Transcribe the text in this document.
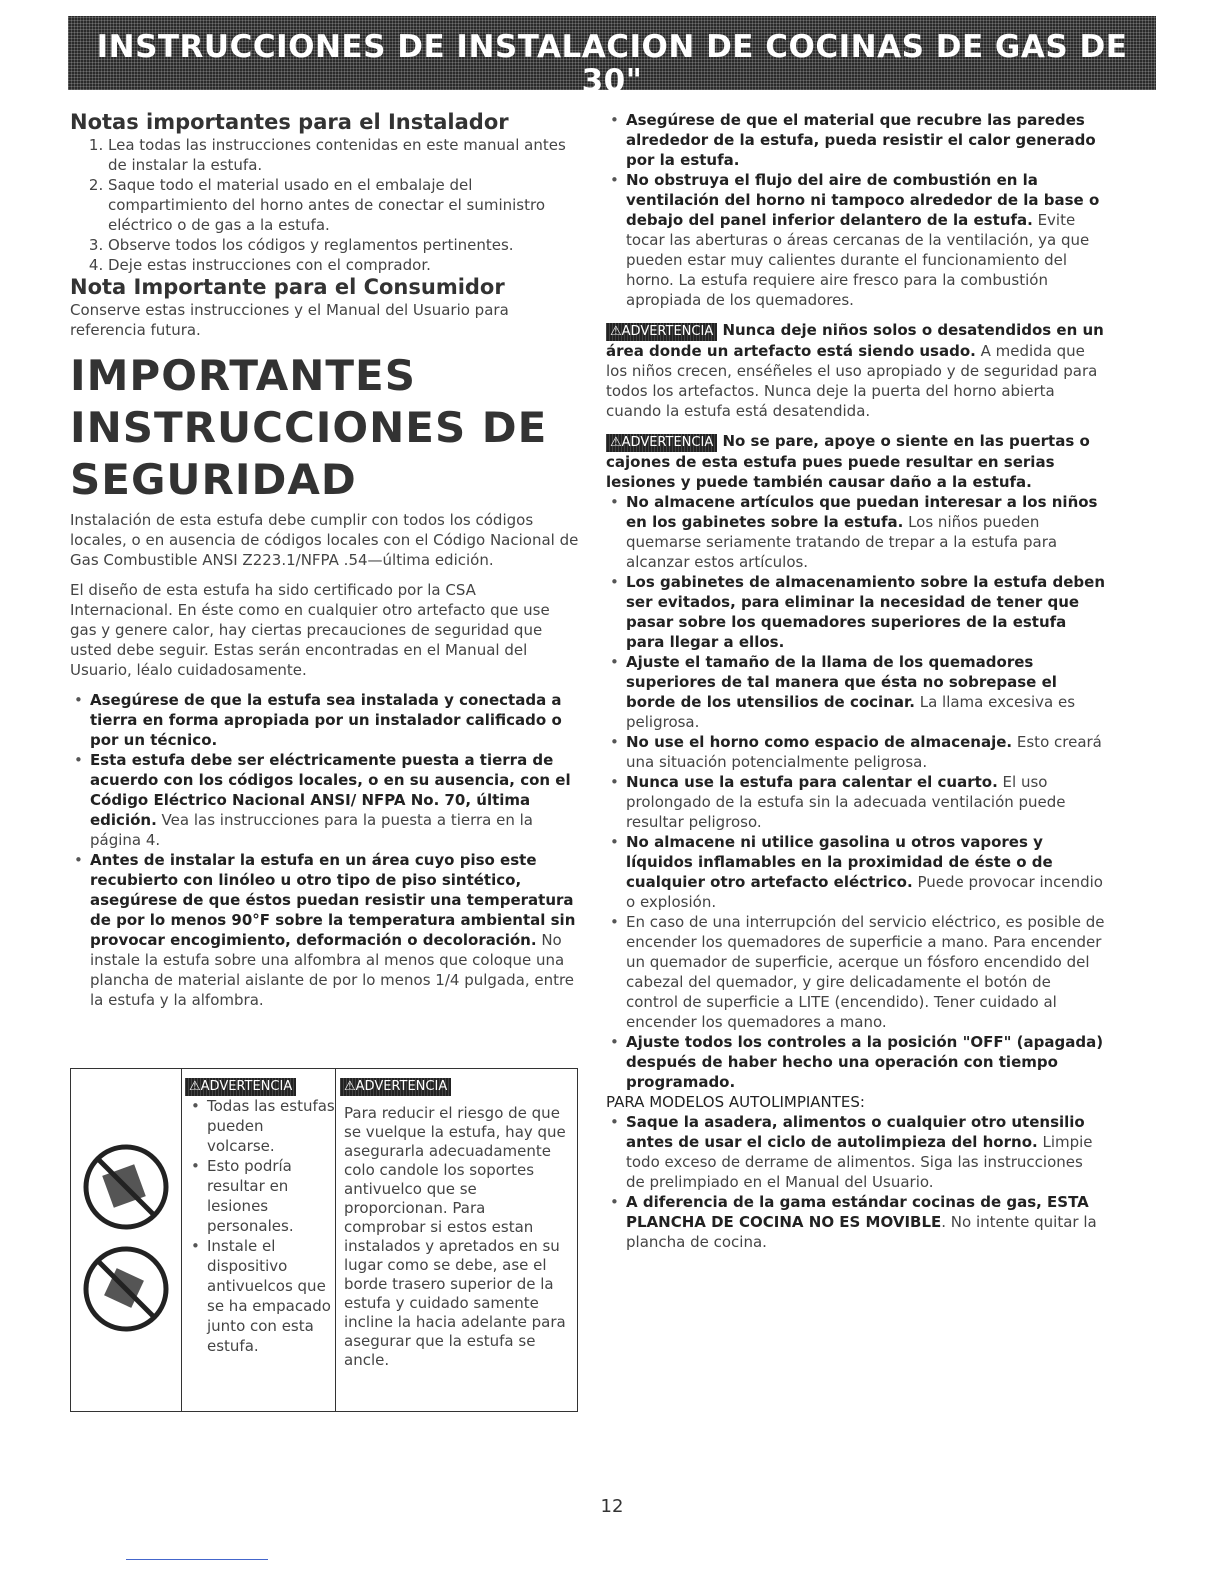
INSTRUCCIONES DE INSTALACION DE COCINAS DE GAS DE 30"
(Modelos con quemadores sellados)
Notas importantes para el Instalador
1. Lea todas las instrucciones contenidas en este manual antes de instalar la estufa.
2. Saque todo el material usado en el embalaje del compartimiento del horno antes de conectar el suministro eléctrico o de gas a la estufa.
3. Observe todos los códigos y reglamentos pertinentes.
4. Deje estas instrucciones con el comprador.
Nota Importante para el Consumidor

Conserve estas instrucciones y el Manual del Usuario para referencia futura.

IMPORTANTES
INSTRUCCIONES DE
SEGURIDAD

Instalación de esta estufa debe cumplir con todos los códigos locales, o en ausencia de códigos locales con el Código Nacional de Gas Combustible ANSI Z223.1/NFPA .54—última edición.

El diseño de esta estufa ha sido certificado por la CSA Internacional. En éste como en cualquier otro artefacto que use gas y genere calor, hay ciertas precauciones de seguridad que usted debe seguir. Estas serán encontradas en el Manual del Usuario, léalo cuidadosamente.

• Asegúrese de que la estufa sea instalada y conectada a tierra en forma apropiada por un instalador calificado o por un técnico.
• Esta estufa debe ser eléctricamente puesta a tierra de acuerdo con los códigos locales, o en su ausencia, con el Código Eléctrico Nacional ANSI/ NFPA No. 70, última edición. Vea las instrucciones para la puesta a tierra en la página 4.
• Antes de instalar la estufa en un área cuyo piso este recubierto con linóleo u otro tipo de piso sintético, asegúrese de que éstos puedan resistir una temperatura de por lo menos 90°F sobre la temperatura ambiental sin provocar encogimiento, deformación o decoloración. No instale la estufa sobre una alfombra al menos que coloque una plancha de material aislante de por lo menos 1/4 pulgada, entre la estufa y la alfombra.
⚠ADVERTENCIA
• Todas las estufas pueden volcarse.
• Esto podría resultar en lesiones personales.
• Instale el dispositivo antivuelcos que se ha empacado junto con esta estufa.
⚠ADVERTENCIA
Para reducir el riesgo de que se vuelque la estufa, hay que asegurarla adecuadamente colo candole los soportes antivuelco que se proporcionan. Para comprobar si estos estan instalados y apretados en su lugar como se debe, ase el borde trasero superior de la estufa y cuidado samente incline la hacia adelante para asegurar que la estufa se ancle.
• Asegúrese de que el material que recubre las paredes alrededor de la estufa, pueda resistir el calor generado por la estufa.
• No obstruya el flujo del aire de combustión en la ventilación del horno ni tampoco alrededor de la base o debajo del panel inferior delantero de la estufa. Evite tocar las aberturas o áreas cercanas de la ventilación, ya que pueden estar muy calientes durante el funcionamiento del horno. La estufa requiere aire fresco para la combustión apropiada de los quemadores.

⚠ADVERTENCIA Nunca deje niños solos o desatendidos en un área donde un artefacto está siendo usado. A medida que los niños crecen, enséñeles el uso apropiado y de seguridad para todos los artefactos. Nunca deje la puerta del horno abierta cuando la estufa está desatendida.

⚠ADVERTENCIA No se pare, apoye o siente en las puertas o cajones de esta estufa pues puede resultar en serias lesiones y puede también causar daño a la estufa.

• No almacene artículos que puedan interesar a los niños en los gabinetes sobre la estufa. Los niños pueden quemarse seriamente tratando de trepar a la estufa para alcanzar estos artículos.
• Los gabinetes de almacenamiento sobre la estufa deben ser evitados, para eliminar la necesidad de tener que pasar sobre los quemadores superiores de la estufa para llegar a ellos.
• Ajuste el tamaño de la llama de los quemadores superiores de tal manera que ésta no sobrepase el borde de los utensilios de cocinar. La llama excesiva es peligrosa.
• No use el horno como espacio de almacenaje. Esto creará una situación potencialmente peligrosa.
• Nunca use la estufa para calentar el cuarto. El uso prolongado de la estufa sin la adecuada ventilación puede resultar peligroso.
• No almacene ni utilice gasolina u otros vapores y líquidos inflamables en la proximidad de éste o de cualquier otro artefacto eléctrico. Puede provocar incendio o explosión.
• En caso de una interrupción del servicio eléctrico, es posible de encender los quemadores de superficie a mano. Para encender un quemador de superficie, acerque un fósforo encendido del cabezal del quemador, y gire delicadamente el botón de control de superficie a LITE (encendido). Tener cuidado al encender los quemadores a mano.
• Ajuste todos los controles a la posición "OFF" (apagada) después de haber hecho una operación con tiempo programado.

PARA MODELOS AUTOLIMPIANTES:

• Saque la asadera, alimentos o cualquier otro utensilio antes de usar el ciclo de autolimpieza del horno. Limpie todo exceso de derrame de alimentos. Siga las instrucciones de prelimpiado en el Manual del Usuario.
• A diferencia de la gama estándar cocinas de gas, ESTA PLANCHA DE COCINA NO ES MOVIBLE. No intente quitar la plancha de cocina.
12
